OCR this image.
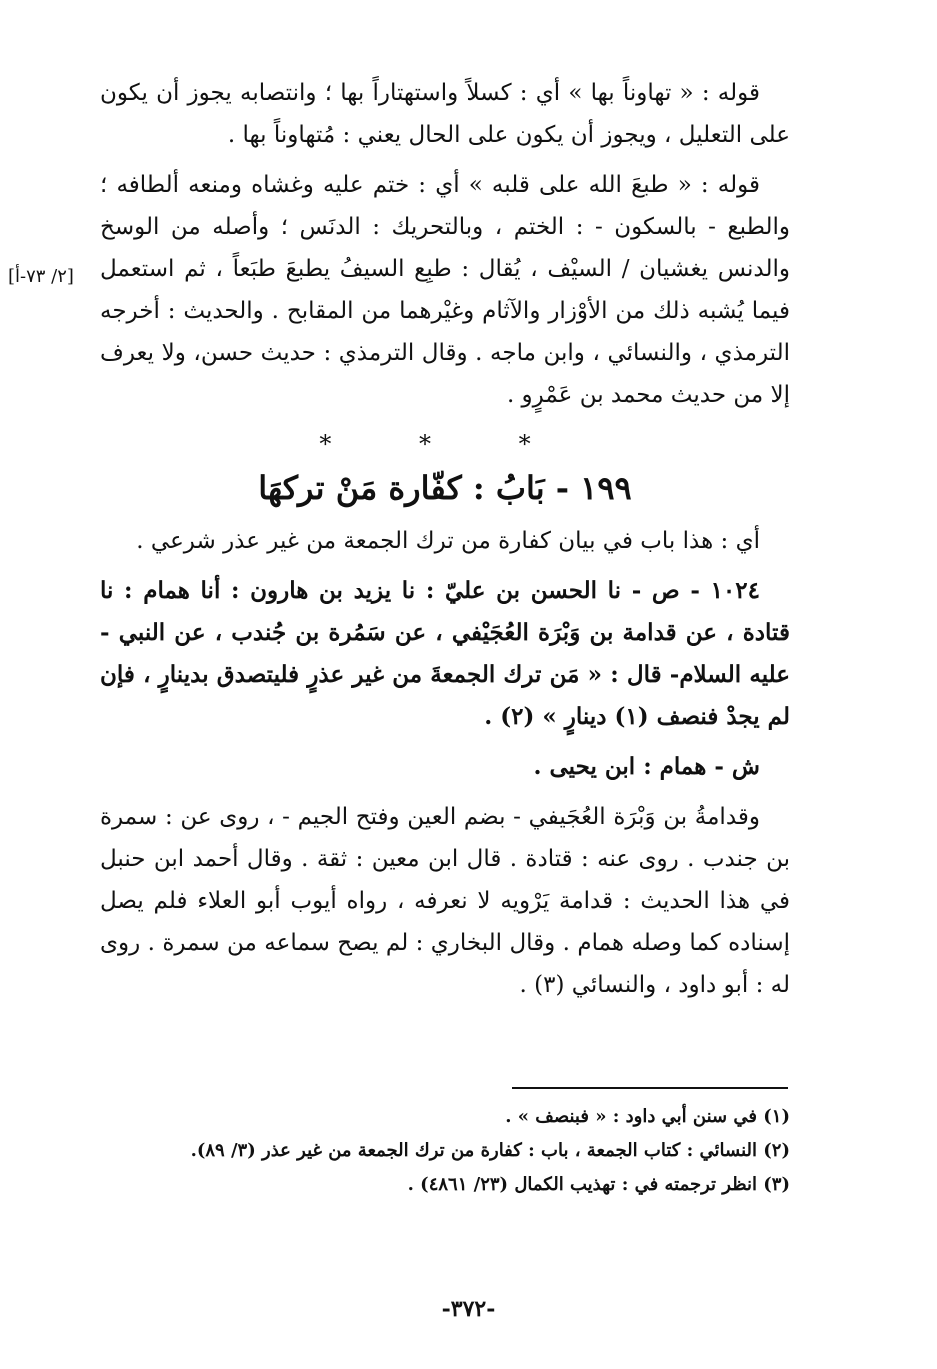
قوله : « تهاوناً بها » أي : كسلاً واستهتاراً بها ؛ وانتصابه يجوز أن يكون على التعليل ، ويجوز أن يكون على الحال يعني : مُتهاوناً بها .

قوله : « طبعَ الله على قلبه » أي : ختم عليه وغشاه ومنعه ألطافه ؛ والطبع - بالسكون - : الختم ، وبالتحريك : الدنَس ؛ وأصله من الوسخ والدنس يغشيان / السيْف ، يُقال : طبِع السيفُ يطبعَ طبَعاً ، ثم استعمل فيما يُشبه ذلك من الأوْزار والآثام وغيْرهما من المقابح . والحديث : أخرجه الترمذي ، والنسائي ، وابن ماجه . وقال الترمذي : حديث حسن، ولا يعرف إلا من حديث محمد بن عَمْرٍو .

* * *
١٩٩ - بَابُ : كفّارة مَنْ تركهَا

أي : هذا باب في بيان كفارة من ترك الجمعة من غير عذر شرعي .

١٠٢٤ - ص - نا الحسن بن عليّ : نا يزيد بن هارون : أنا همام : نا قتادة ، عن قدامة بن وَبْرَة العُجَيْفي ، عن سَمُرة بن جُندب ، عن النبي - عليه السلام- قال : « مَن ترك الجمعةَ من غير عذرٍ فليتصدق بدينارٍ ، فإن لم يجدْ فنصف (١) دينارٍ » (٢) .

ش - همام : ابن يحيى .

وقدامةُ بن وَبْرَة العُجَيفي - بضم العين وفتح الجيم - ، روى عن : سمرة بن جندب . روى عنه : قتادة . قال ابن معين : ثقة . وقال أحمد ابن حنبل في هذا الحديث : قدامة يَرْويه لا نعرفه ، رواه أيوب أبو العلاء فلم يصل إسناده كما وصله همام . وقال البخاري : لم يصح سماعه من سمرة . روى له : أبو داود ، والنسائي (٣) .

[٢/ ٧٣-أ]
(١) في سنن أبي داود : « فبنصف » .
(٢) النسائي : كتاب الجمعة ، باب : كفارة من ترك الجمعة من غير عذر (٣/ ٨٩).
(٣) انظر ترجمته في : تهذيب الكمال (٢٣/ ٤٨٦١) .
-٣٧٢-
